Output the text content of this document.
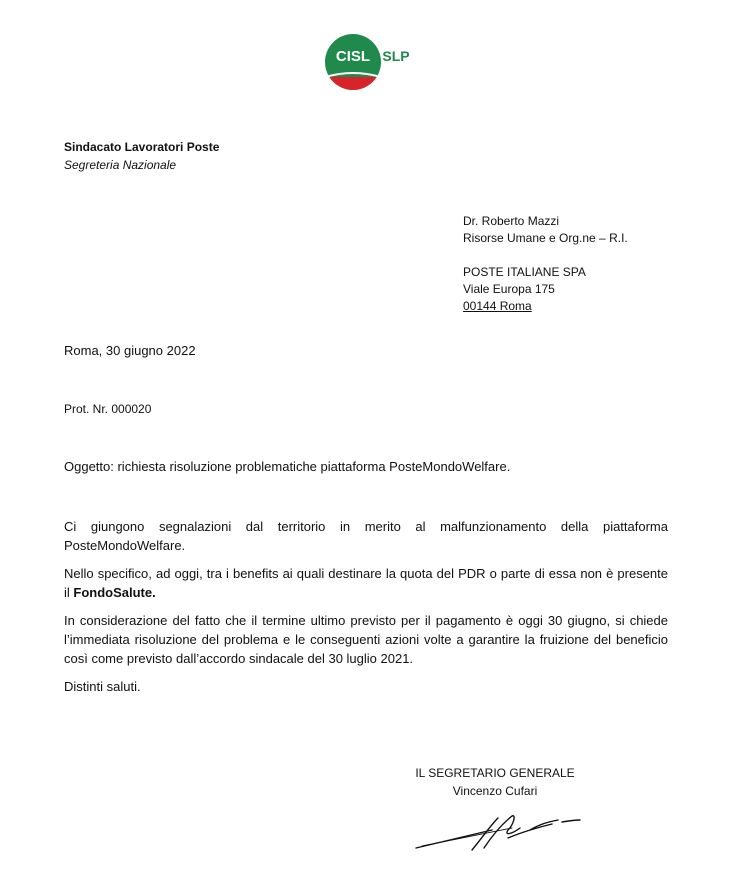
CISL SLP
Sindacato Lavoratori Poste
Segreteria Nazionale
Dr. Roberto Mazzi
Risorse Umane e Org.ne – R.I.
POSTE ITALIANE SPA
Viale Europa 175
00144 Roma
Roma, 30 giugno 2022
Prot. Nr. 000020
Oggetto: richiesta risoluzione problematiche piattaforma PosteMondoWelfare.

Ci giungono segnalazioni dal territorio in merito al malfunzionamento della piattaforma PosteMondoWelfare.

Nello specifico, ad oggi, tra i benefits ai quali destinare la quota del PDR o parte di essa non è presente il FondoSalute.

In considerazione del fatto che il termine ultimo previsto per il pagamento è oggi 30 giugno, si chiede l’immediata risoluzione del problema e le conseguenti azioni volte a garantire la fruizione del beneficio così come previsto dall’accordo sindacale del 30 luglio 2021.

Distinti saluti.

IL SEGRETARIO GENERALE
Vincenzo Cufari
